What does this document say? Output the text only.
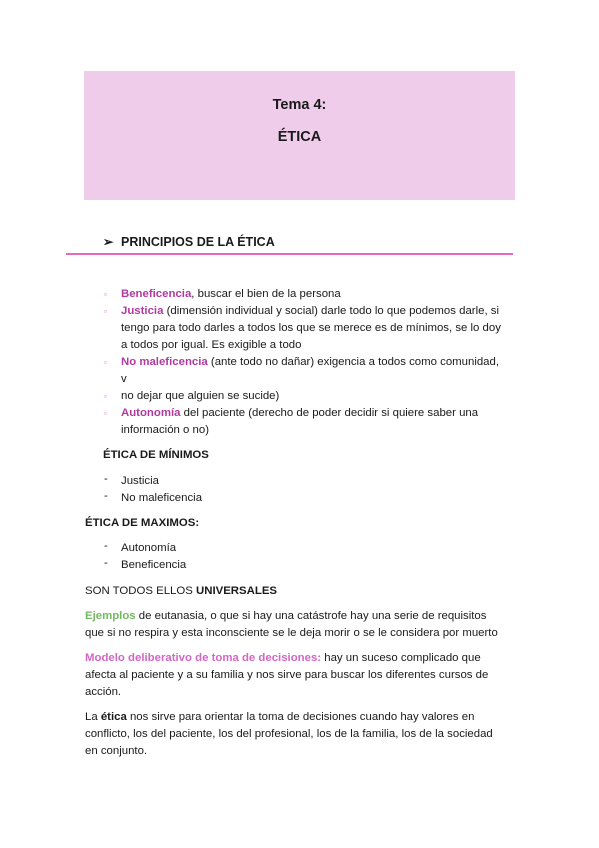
Tema 4:
ÉTICA
➢ PRINCIPIOS DE LA ÉTICA
▫ Beneficencia, buscar el bien de la persona
▫ Justicia (dimensión individual y social) darle todo lo que podemos darle, si
tengo para todo darles a todos los que se merece es de mínimos, se lo doy
a todos por igual. Es exigible a todo
▫ No maleficencia (ante todo no dañar) exigencia a todos como comunidad,
v
▫ no dejar que alguien se sucide)
▫ Autonomía del paciente (derecho de poder decidir si quiere saber una
información o no)
ÉTICA DE MÍNIMOS
- Justicia
- No maleficencia
ÉTICA DE MAXIMOS:
- Autonomía
- Beneficencia
SON TODOS ELLOS UNIVERSALES
Ejemplos de eutanasia, o que si hay una catástrofe hay una serie de requisitos
que si no respira y esta inconsciente se le deja morir o se le considera por muerto
Modelo deliberativo de toma de decisiones: hay un suceso complicado que
afecta al paciente y a su familia y nos sirve para buscar los diferentes cursos de
acción.
La ética nos sirve para orientar la toma de decisiones cuando hay valores en
conflicto, los del paciente, los del profesional, los de la familia, los de la sociedad
en conjunto.
